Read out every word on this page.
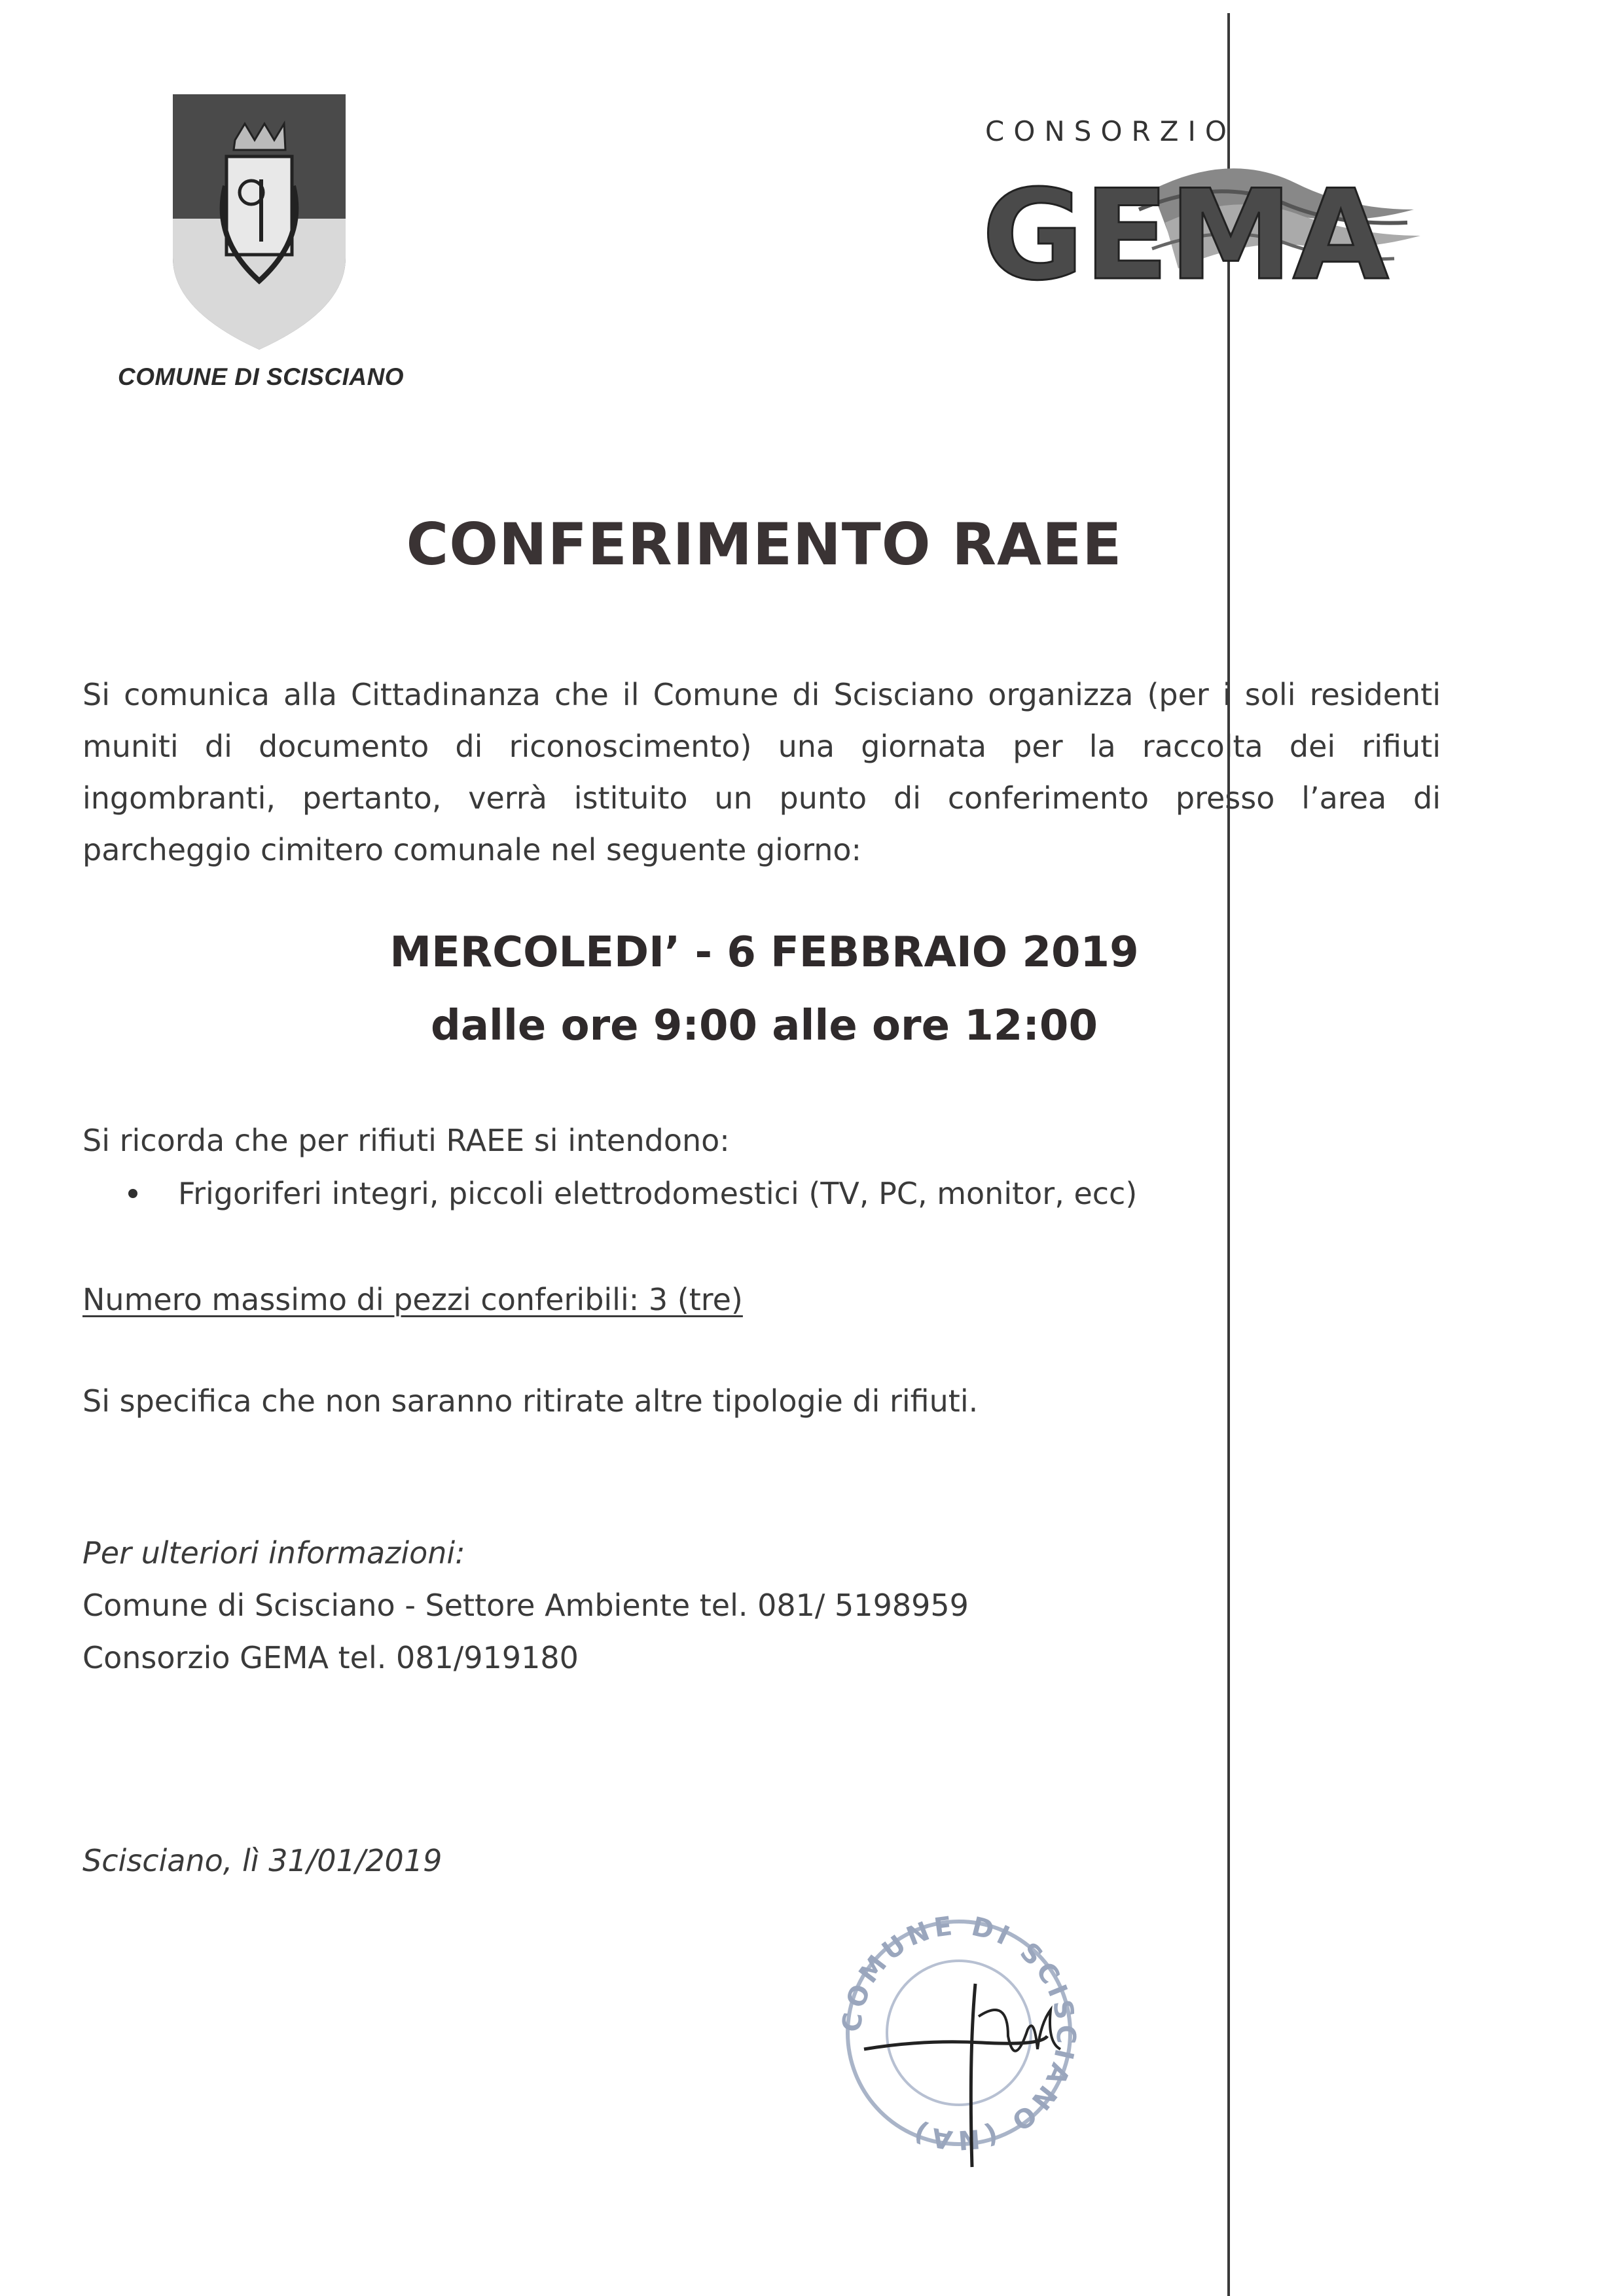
COMUNE DI SCISCIANO
CONSORZIO
GEMA
CONFERIMENTO RAEE
Si comunica alla Cittadinanza che il Comune di Scisciano organizza (per i soli residenti muniti di documento di riconoscimento) una giornata per la raccolta dei rifiuti ingombranti, pertanto, verrà istituito un punto di conferimento presso l’area di parcheggio cimitero comunale nel seguente giorno:
MERCOLEDI’ - 6 FEBBRAIO 2019
dalle ore 9:00 alle ore 12:00
Si ricorda che per rifiuti RAEE si intendono:
Frigoriferi integri, piccoli elettrodomestici (TV, PC, monitor, ecc)
Numero massimo di pezzi conferibili: 3 (tre)
Si specifica che non saranno ritirate altre tipologie di rifiuti.
Per ulteriori informazioni:
Comune di Scisciano - Settore Ambiente tel. 081/ 5198959
Consorzio GEMA tel. 081/919180
Scisciano, lì 31/01/2019
COMUNE DI SCISCIANO (NA)
